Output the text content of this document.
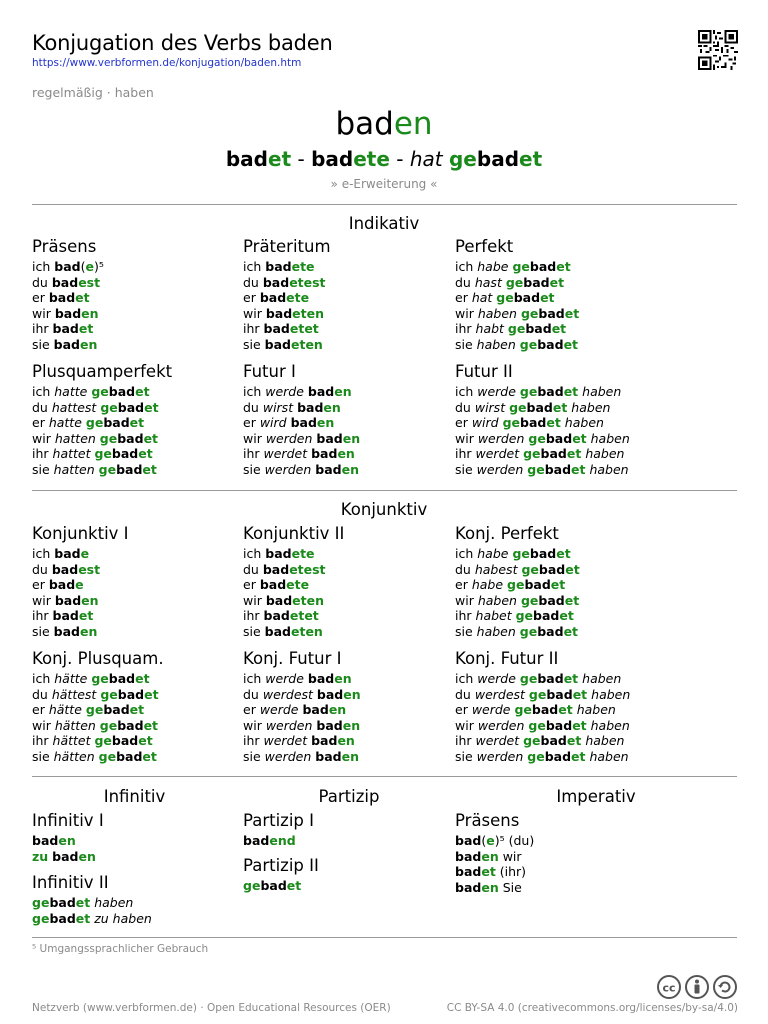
Konjugation des Verbs baden
https://www.verbformen.de/konjugation/baden.htm
regelmäßig · haben
baden
badet - badete - hat gebadet
» e-Erweiterung «
Indikativ
Präsens
ich bad(e)⁵
du badest
er badet
wir baden
ihr badet
sie baden
Präteritum
ich badete
du badetest
er badete
wir badeten
ihr badetet
sie badeten
Perfekt
ich habe gebadet
du hast gebadet
er hat gebadet
wir haben gebadet
ihr habt gebadet
sie haben gebadet
Plusquamperfekt
ich hatte gebadet
du hattest gebadet
er hatte gebadet
wir hatten gebadet
ihr hattet gebadet
sie hatten gebadet
Futur I
ich werde baden
du wirst baden
er wird baden
wir werden baden
ihr werdet baden
sie werden baden
Futur II
ich werde gebadet haben
du wirst gebadet haben
er wird gebadet haben
wir werden gebadet haben
ihr werdet gebadet haben
sie werden gebadet haben
Konjunktiv
Konjunktiv I
ich bade
du badest
er bade
wir baden
ihr badet
sie baden
Konjunktiv II
ich badete
du badetest
er badete
wir badeten
ihr badetet
sie badeten
Konj. Perfekt
ich habe gebadet
du habest gebadet
er habe gebadet
wir haben gebadet
ihr habet gebadet
sie haben gebadet
Konj. Plusquam.
ich hätte gebadet
du hättest gebadet
er hätte gebadet
wir hätten gebadet
ihr hättet gebadet
sie hätten gebadet
Konj. Futur I
ich werde baden
du werdest baden
er werde baden
wir werden baden
ihr werdet baden
sie werden baden
Konj. Futur II
ich werde gebadet haben
du werdest gebadet haben
er werde gebadet haben
wir werden gebadet haben
ihr werdet gebadet haben
sie werden gebadet haben
Infinitiv	Partizip	Imperativ
Infinitiv I
baden
zu baden
Infinitiv II
gebadet haben
gebadet zu haben
Partizip I
badend
Partizip II
gebadet
Präsens
bad(e)⁵ (du)
baden wir
badet (ihr)
baden Sie
⁵ Umgangssprachlicher Gebrauch
cc
Netzverb (www.verbformen.de) · Open Educational Resources (OER)	CC BY-SA 4.0 (creativecommons.org/licenses/by-sa/4.0)
